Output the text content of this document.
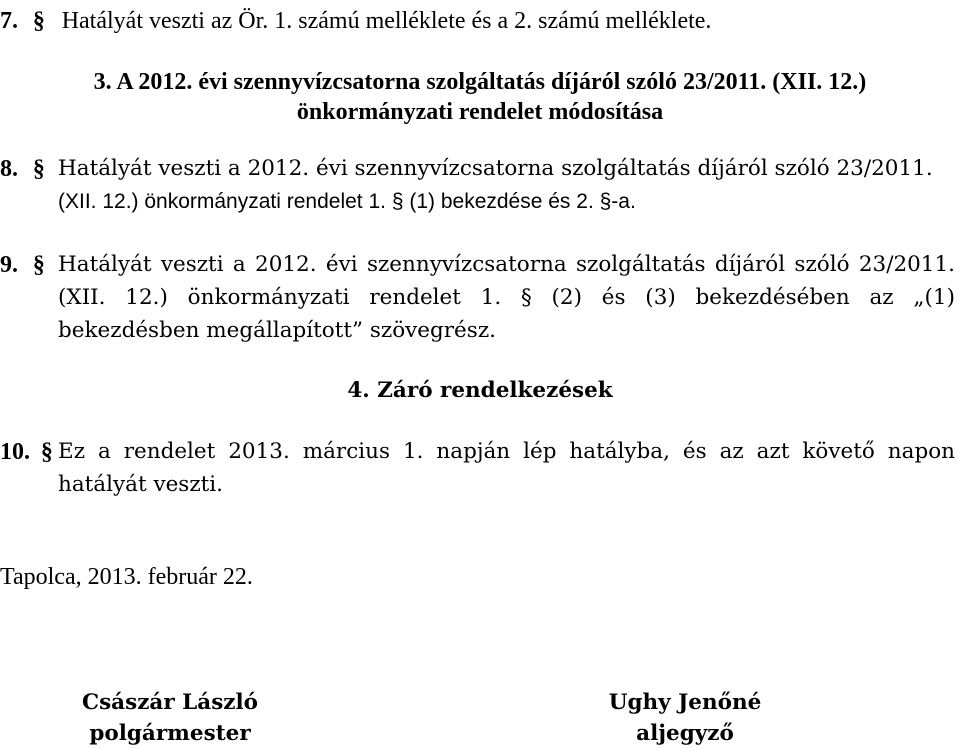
7. § Hatályát veszti az Ör. 1. számú melléklete és a 2. számú melléklete.
3. A 2012. évi szennyvízcsatorna szolgáltatás díjáról szóló 23/2011. (XII. 12.)
önkormányzati rendelet módosítása
8. § Hatályát veszti a 2012. évi szennyvízcsatorna szolgáltatás díjáról szóló 23/2011.
(XII. 12.) önkormányzati rendelet 1. § (1) bekezdése és 2. §-a.
9. § Hatályát veszti a 2012. évi szennyvízcsatorna szolgáltatás díjáról szóló 23/2011.
(XII. 12.) önkormányzati rendelet 1. § (2) és (3) bekezdésében az „(1)
bekezdésben megállapított” szövegrész.
4. Záró rendelkezések
10. § Ez a rendelet 2013. március 1. napján lép hatályba, és az azt követő napon
hatályát veszti.
Tapolca, 2013. február 22.
Császár László
polgármester
Ughy Jenőné
aljegyző
